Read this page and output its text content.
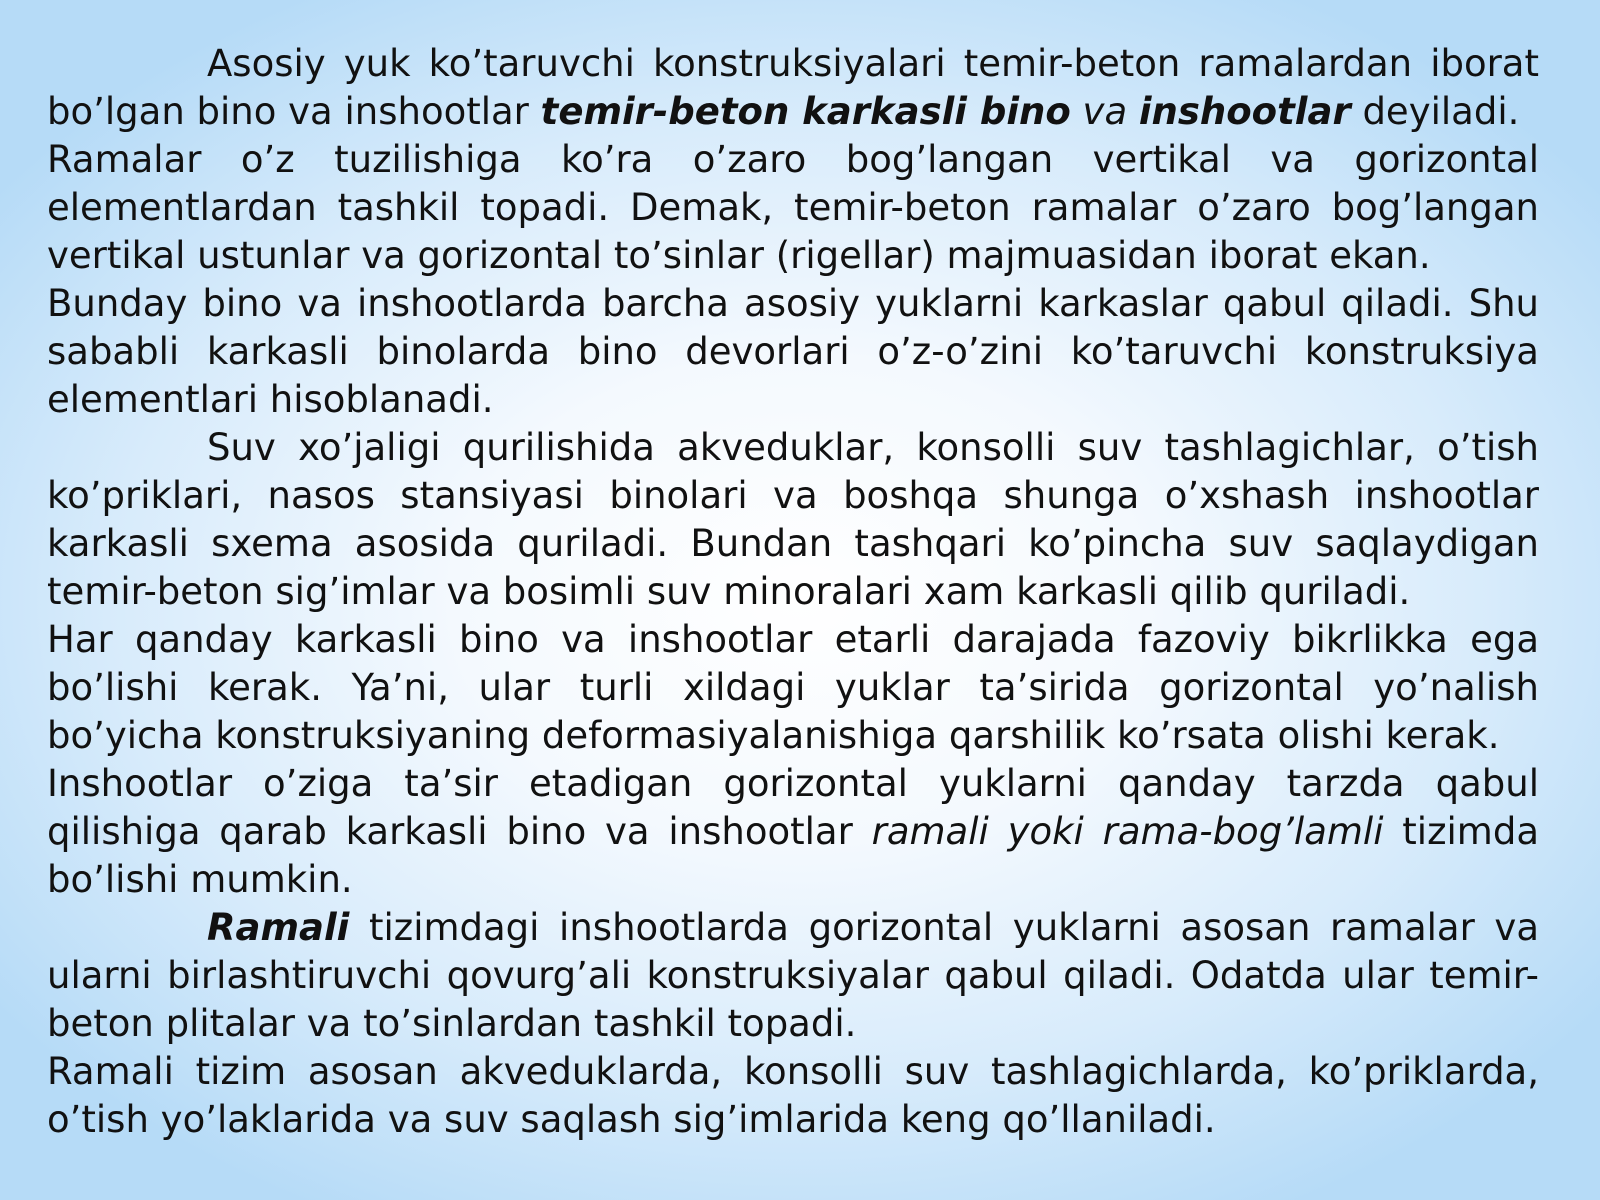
Asosiy yuk ko’taruvchi konstruksiyalari temir-beton ramalardan iborat bo’lgan bino va inshootlar temir-beton karkasli bino va inshootlar deyiladi.

Ramalar o’z tuzilishiga ko’ra o’zaro bog’langan vertikal va gorizontal elementlardan tashkil topadi. Demak, temir-beton ramalar o’zaro bog’langan vertikal ustunlar va gorizontal to’sinlar (rigellar) majmuasidan iborat ekan.

Bunday bino va inshootlarda barcha asosiy yuklarni karkaslar qabul qiladi. Shu sababli karkasli binolarda bino devorlari o’z-o’zini ko’taruvchi konstruksiya elementlari hisoblanadi.

Suv xo’jaligi qurilishida akveduklar, konsolli suv tashlagichlar, o’tish ko’priklari, nasos stansiyasi binolari va boshqa shunga o’xshash inshootlar karkasli sxema asosida quriladi. Bundan tashqari ko’pincha suv saqlaydigan temir-beton sig’imlar va bosimli suv minoralari xam karkasli qilib quriladi.

Har qanday karkasli bino va inshootlar etarli darajada fazoviy bikrlikka ega bo’lishi kerak. Ya’ni, ular turli xildagi yuklar ta’sirida gorizontal yo’nalish bo’yicha konstruksiyaning deformasiyalanishiga qarshilik ko’rsata olishi kerak.

Inshootlar o’ziga ta’sir etadigan gorizontal yuklarni qanday tarzda qabul qilishiga qarab karkasli bino va inshootlar ramali yoki rama-bog’lamli tizimda bo’lishi mumkin.

Ramali tizimdagi inshootlarda gorizontal yuklarni asosan ramalar va ularni birlashtiruvchi qovurg’ali konstruksiyalar qabul qiladi. Odatda ular temir-beton plitalar va to’sinlardan tashkil topadi.

Ramali tizim asosan akveduklarda, konsolli suv tashlagichlarda, ko’priklarda, o’tish yo’laklarida va suv saqlash sig’imlarida keng qo’llaniladi.
